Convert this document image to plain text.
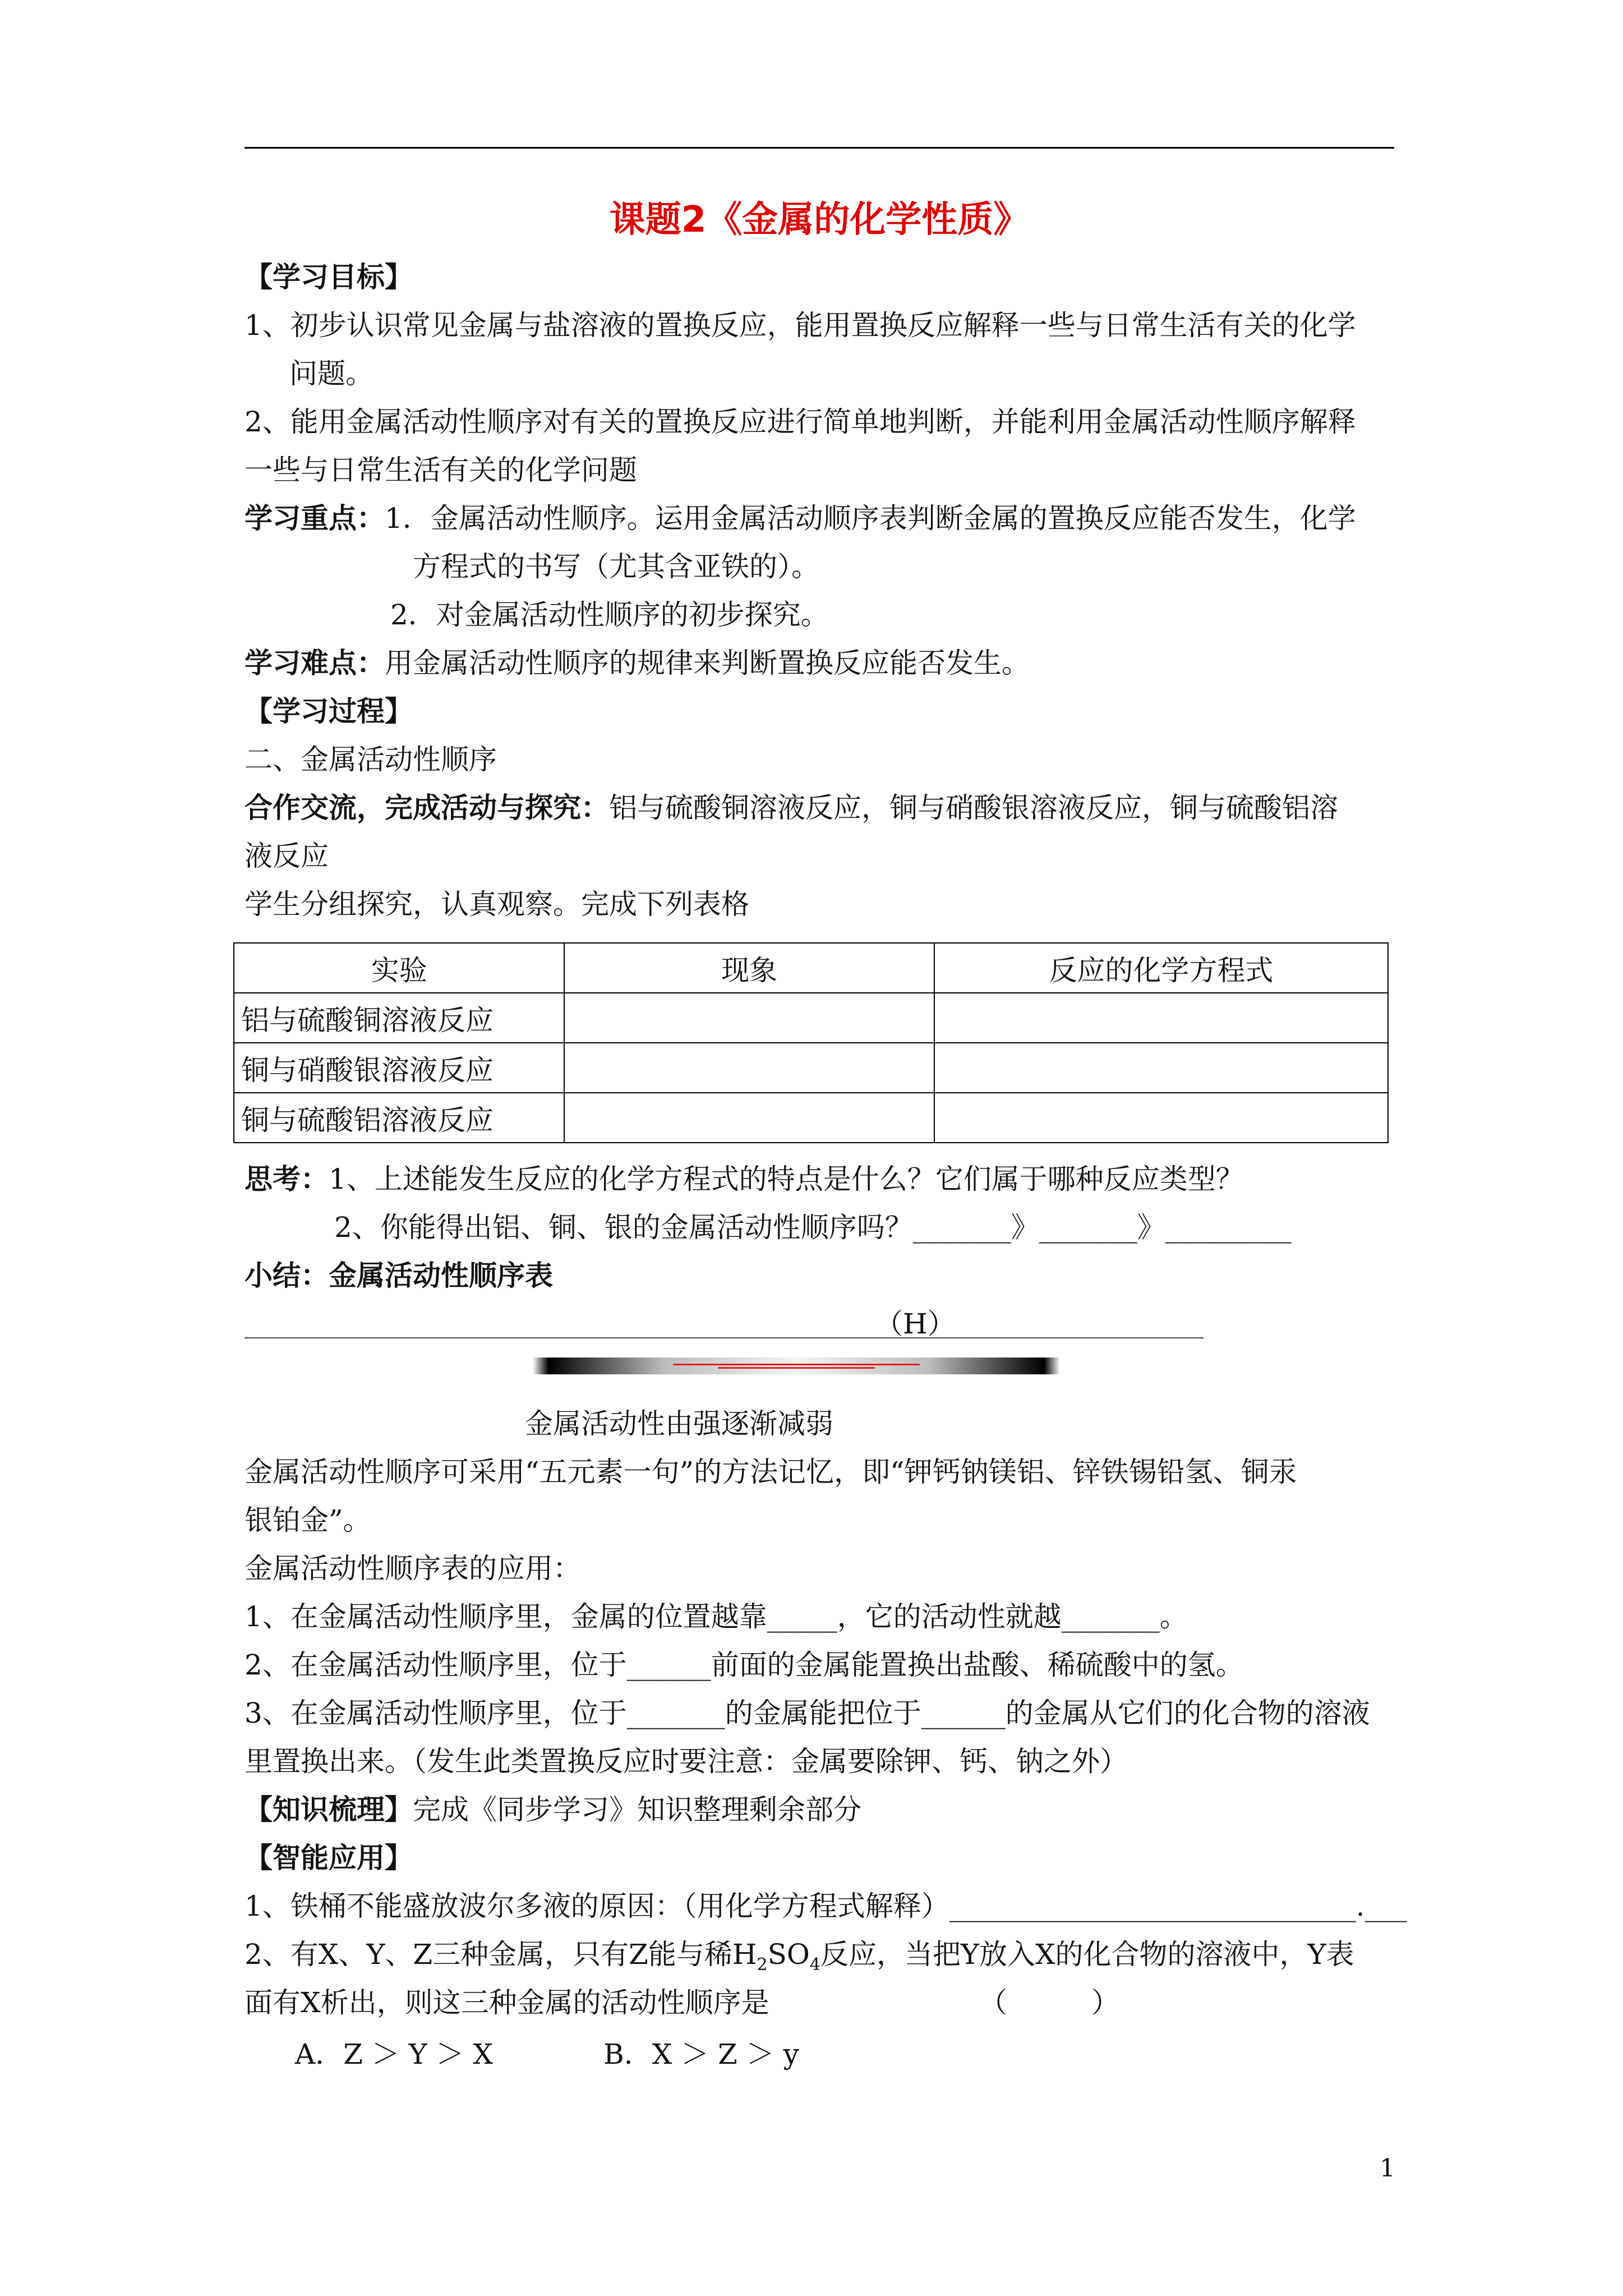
课题2《金属的化学性质》
【学习目标】
1、初步认识常见金属与盐溶液的置换反应，能用置换反应解释一些与日常生活有关的化学
问题。
2、能用金属活动性顺序对有关的置换反应进行简单地判断，并能利用金属活动性顺序解释
一些与日常生活有关的化学问题
学习重点：1．金属活动性顺序。运用金属活动顺序表判断金属的置换反应能否发生，化学
方程式的书写（尤其含亚铁的）。
2．对金属活动性顺序的初步探究。
学习难点：用金属活动性顺序的规律来判断置换反应能否发生。
【学习过程】
二、金属活动性顺序
合作交流，完成活动与探究：铝与硫酸铜溶液反应，铜与硝酸银溶液反应，铜与硫酸铝溶
液反应
学生分组探究，认真观察。完成下列表格
实验	现象	反应的化学方程式
铝与硫酸铜溶液反应		
铜与硝酸银溶液反应		
铜与硫酸铝溶液反应		
思考：1、上述能发生反应的化学方程式的特点是什么？它们属于哪种反应类型？
2、你能得出铝、铜、银的金属活动性顺序吗？_______》_______》_________
小结：金属活动性顺序表
（H）
金属活动性由强逐渐减弱
金属活动性顺序可采用“五元素一句”的方法记忆，即“钾钙钠镁铝、锌铁锡铅氢、铜汞
银铂金”。
金属活动性顺序表的应用：
1、在金属活动性顺序里，金属的位置越靠_____，它的活动性就越_______。
2、在金属活动性顺序里，位于______前面的金属能置换出盐酸、稀硫酸中的氢。
3、在金属活动性顺序里，位于_______的金属能把位于______的金属从它们的化合物的溶液
里置换出来。（发生此类置换反应时要注意：金属要除钾、钙、钠之外）
【知识梳理】完成《同步学习》知识整理剩余部分
【智能应用】
1、铁桶不能盛放波尔多液的原因：（用化学方程式解释）_____________________________.___
2、有X、Y、Z三种金属，只有Z能与稀$H_2SO_4$反应，当把Y放入X的化合物的溶液中，Y表
面有X析出，则这三种金属的活动性顺序是	（　　　）
A．Z ＞ Y ＞ X	B．X ＞ Z ＞ y
1
